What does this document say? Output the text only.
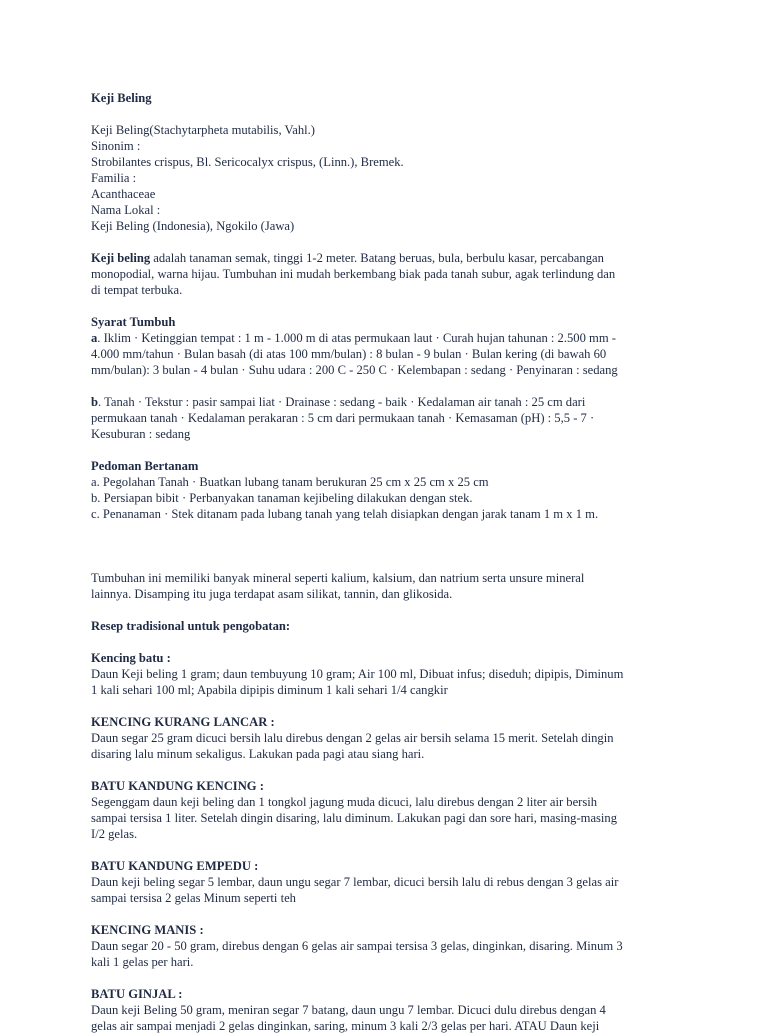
Keji Beling

Keji Beling(Stachytarpheta mutabilis, Vahl.)
Sinonim :
Strobilantes crispus, Bl. Sericocalyx crispus, (Linn.), Bremek.
Familia :
Acanthaceae
Nama Lokal :
Keji Beling (Indonesia), Ngokilo (Jawa)

Keji beling adalah tanaman semak, tinggi 1-2 meter. Batang beruas, bula, berbulu kasar, percabangan
monopodial, warna hijau. Tumbuhan ini mudah berkembang biak pada tanah subur, agak terlindung dan
di tempat terbuka.

Syarat Tumbuh
a. Iklim · Ketinggian tempat : 1 m - 1.000 m di atas permukaan laut · Curah hujan tahunan : 2.500 mm -
4.000 mm/tahun · Bulan basah (di atas 100 mm/bulan) : 8 bulan - 9 bulan · Bulan kering (di bawah 60
mm/bulan): 3 bulan - 4 bulan · Suhu udara : 200 C - 250 C · Kelembapan : sedang · Penyinaran : sedang

b. Tanah · Tekstur : pasir sampai liat · Drainase : sedang - baik · Kedalaman air tanah : 25 cm dari
permukaan tanah · Kedalaman perakaran : 5 cm dari permukaan tanah · Kemasaman (pH) : 5,5 - 7 ·
Kesuburan : sedang

Pedoman Bertanam
a. Pegolahan Tanah · Buatkan lubang tanam berukuran 25 cm x 25 cm x 25 cm
b. Persiapan bibit · Perbanyakan tanaman kejibeling dilakukan dengan stek.
c. Penanaman · Stek ditanam pada lubang tanah yang telah disiapkan dengan jarak tanam 1 m x 1 m.

Tumbuhan ini memiliki banyak mineral seperti kalium, kalsium, dan natrium serta unsure mineral
lainnya. Disamping itu juga terdapat asam silikat, tannin, dan glikosida.

Resep tradisional untuk pengobatan:

Kencing batu :
Daun Keji beling 1 gram; daun tembuyung 10 gram; Air 100 ml, Dibuat infus; diseduh; dipipis, Diminum
1 kali sehari 100 ml; Apabila dipipis diminum 1 kali sehari 1/4 cangkir

KENCING KURANG LANCAR :
Daun segar 25 gram dicuci bersih lalu direbus dengan 2 gelas air bersih selama 15 merit. Setelah dingin
disaring lalu minum sekaligus. Lakukan pada pagi atau siang hari.

BATU KANDUNG KENCING :
Segenggam daun keji beling dan 1 tongkol jagung muda dicuci, lalu direbus dengan 2 liter air bersih
sampai tersisa 1 liter. Setelah dingin disaring, lalu diminum. Lakukan pagi dan sore hari, masing-masing
I/2 gelas.

BATU KANDUNG EMPEDU :
Daun keji beling segar 5 lembar, daun ungu segar 7 lembar, dicuci bersih lalu di rebus dengan 3 gelas air
sampai tersisa 2 gelas Minum seperti teh

KENCING MANIS :
Daun segar 20 - 50 gram, direbus dengan 6 gelas air sampai tersisa 3 gelas, dinginkan, disaring. Minum 3
kali 1 gelas per hari.

BATU GINJAL :
Daun keji Beling 50 gram, meniran segar 7 batang, daun ungu 7 lembar. Dicuci dulu direbus dengan 4
gelas air sampai menjadi 2 gelas dinginkan, saring, minum 3 kali 2/3 gelas per hari. ATAU Daun keji
